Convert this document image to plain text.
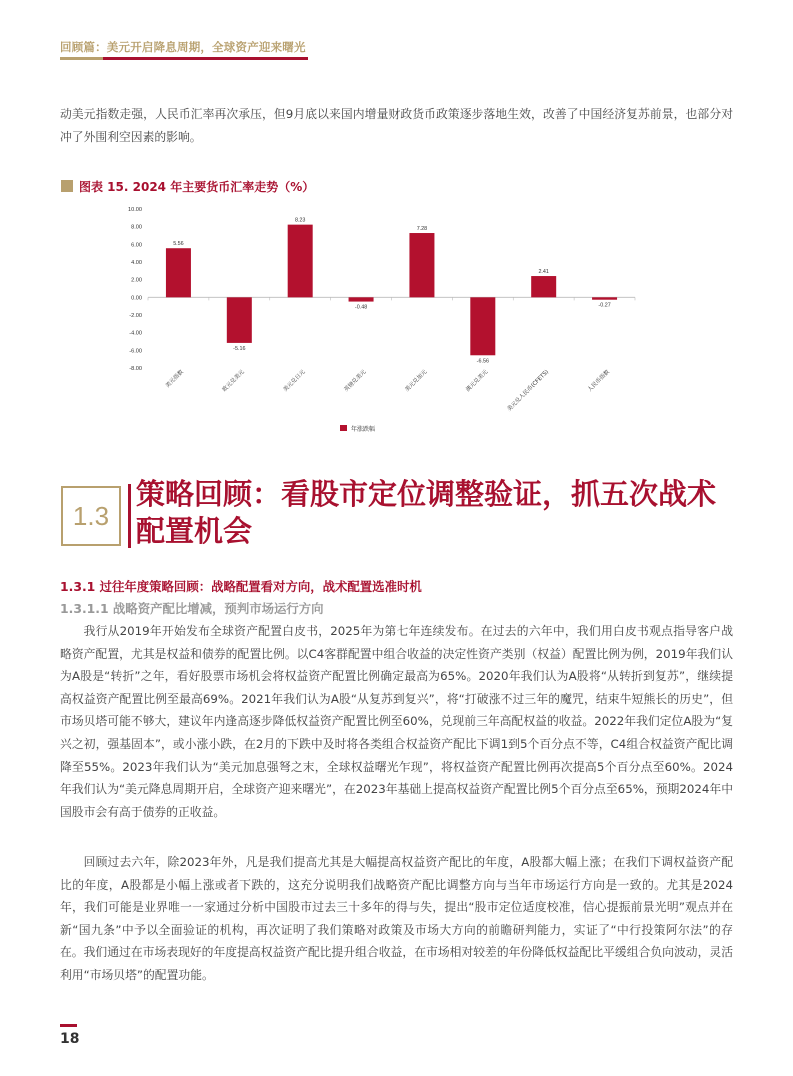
回顾篇：美元开启降息周期，全球资产迎来曙光

动美元指数走强，人民币汇率再次承压，但9月底以来国内增量财政货币政策逐步落地生效，改善了中国经济复苏前景，也部分对冲了外围利空因素的影响。

图表 15. 2024 年主要货币汇率走势（%）
10.00
8.00
6.00
4.00
2.00
0.00
-2.00
-4.00
-6.00
-8.00
5.56
美元指数
-5.16
欧元兑美元
8.23
美元兑日元
-0.48
英镑兑美元
7.28
美元兑加元
-6.56
澳元兑美元
2.41
美元兑人民币(CFETS)
-0.27
人民币指数
年涨跌幅
1.3
策略回顾：看股市定位调整验证，抓五次战术配置机会
1.3.1 过往年度策略回顾：战略配置看对方向，战术配置选准时机
1.3.1.1 战略资产配比增减，预判市场运行方向

我行从2019年开始发布全球资产配置白皮书，2025年为第七年连续发布。在过去的六年中，我们用白皮书观点指导客户战略资产配置，尤其是权益和债券的配置比例。以C4客群配置中组合收益的决定性资产类别（权益）配置比例为例，2019年我们认为A股是“转折”之年，看好股票市场机会将权益资产配置比例确定最高为65%。2020年我们认为A股将“从转折到复苏”，继续提高权益资产配置比例至最高69%。2021年我们认为A股“从复苏到复兴”，将“打破涨不过三年的魔咒，结束牛短熊长的历史”，但市场贝塔可能不够大，建议年内逢高逐步降低权益资产配置比例至60%，兑现前三年高配权益的收益。2022年我们定位A股为“复兴之初，强基固本”，或小涨小跌，在2月的下跌中及时将各类组合权益资产配比下调1到5个百分点不等，C4组合权益资产配比调降至55%。2023年我们认为“美元加息强弩之末，全球权益曙光乍现”，将权益资产配置比例再次提高5个百分点至60%。2024年我们认为“美元降息周期开启，全球资产迎来曙光”，在2023年基础上提高权益资产配置比例5个百分点至65%，预期2024年中国股市会有高于债券的正收益。

回顾过去六年，除2023年外，凡是我们提高尤其是大幅提高权益资产配比的年度，A股都大幅上涨；在我们下调权益资产配比的年度，A股都是小幅上涨或者下跌的，这充分说明我们战略资产配比调整方向与当年市场运行方向是一致的。尤其是2024年，我们可能是业界唯一一家通过分析中国股市过去三十多年的得与失，提出“股市定位适度校准，信心提振前景光明”观点并在新“国九条”中予以全面验证的机构，再次证明了我们策略对政策及市场大方向的前瞻研判能力，实证了“中行投策阿尔法”的存在。我们通过在市场表现好的年度提高权益资产配比提升组合收益，在市场相对较差的年份降低权益配比平缓组合负向波动，灵活利用“市场贝塔”的配置功能。

18
